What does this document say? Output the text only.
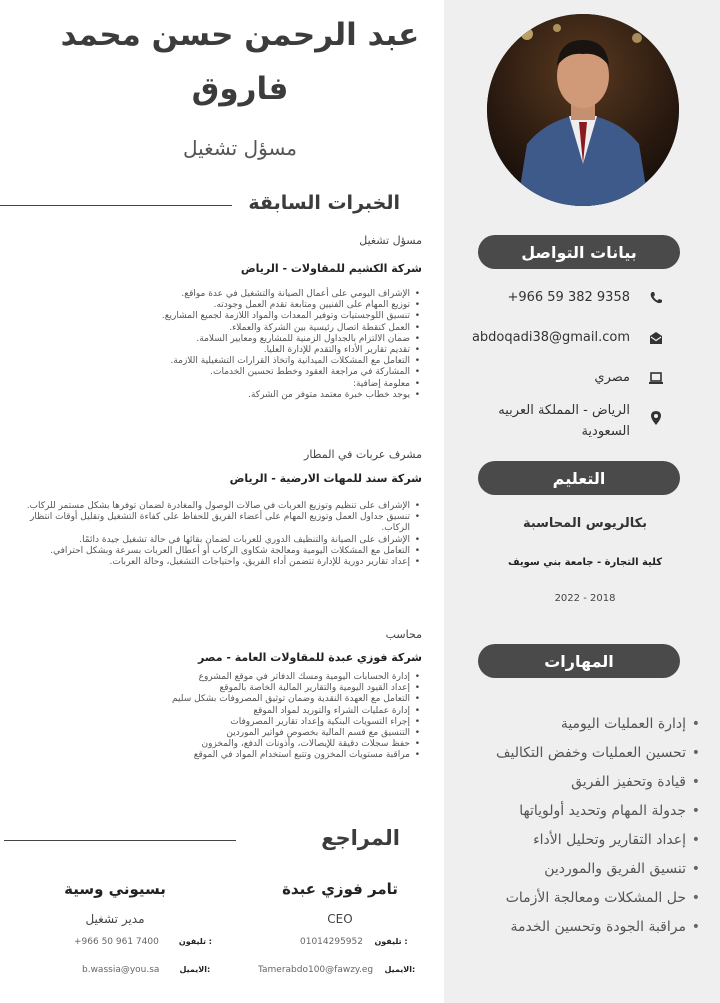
بيانات التواصل
+966 59 382 9358
abdoqadi38@gmail.com
مصري
الرياض - المملكة العربيه السعودية
التعليم
بكالريوس المحاسبة
كلية التجارة - جامعة بني سويف
2018 - 2022
المهارات
• إدارة العمليات اليومية
• تحسين العمليات وخفض التكاليف
• قيادة وتحفيز الفريق
• جدولة المهام وتحديد أولوياتها
• إعداد التقارير وتحليل الأداء
• تنسيق الفريق والموردين
• حل المشكلات ومعالجة الأزمات
• مراقبة الجودة وتحسين الخدمة
عبد الرحمن حسن محمد فاروق
مسؤل تشغيل
الخبرات السابقة
مسؤل تشغيل
شركة الكشيم للمقاولات - الرياض
• الإشراف اليومي على أعمال الصيانة والتشغيل في عدة مواقع.
• توزيع المهام على الفنيين ومتابعة تقدم العمل وجودته.
• تنسيق اللوجستيات وتوفير المعدات والمواد اللازمة لجميع المشاريع.
• العمل كنقطة اتصال رئيسية بين الشركة والعملاء.
• ضمان الالتزام بالجداول الزمنية للمشاريع ومعايير السلامة.
• تقديم تقارير الأداء والتقدم للإدارة العليا.
• التعامل مع المشكلات الميدانية واتخاذ القرارات التشغيلية اللازمة.
• المشاركة في مراجعة العقود وخطط تحسين الخدمات.
• معلومة إضافية:
• يوجد خطاب خبرة معتمد متوفر من الشركة.
مشرف عربات في المطار
شركة سند للمهات الارضية - الرياض
• الإشراف على تنظيم وتوزيع العربات في صالات الوصول والمغادرة لضمان توفرها بشكل مستمر للركاب.
• تنسيق جداول العمل وتوزيع المهام على أعضاء الفريق للحفاظ على كفاءة التشغيل وتقليل أوقات انتظار الركاب.
• الإشراف على الصيانة والتنظيف الدوري للعربات لضمان بقائها في حالة تشغيل جيدة دائمًا.
• التعامل مع المشكلات اليومية ومعالجة شكاوى الركاب أو أعطال العربات بسرعة وبشكل احترافي.
• إعداد تقارير دورية للإدارة تتضمن أداء الفريق، واحتياجات التشغيل، وحالة العربات.
محاسب
شركة فوزي عبدة للمقاولات العامة - مصر
• إدارة الحسابات اليومية ومسك الدفاتر في موقع المشروع
• إعداد القيود اليومية والتقارير المالية الخاصة بالموقع
• التعامل مع العهدة النقدية وضمان توثيق المصروفات بشكل سليم
• إدارة عمليات الشراء والتوريد لمواد الموقع
• إجراء التسويات البنكية وإعداد تقارير المصروفات
• التنسيق مع قسم المالية بخصوص فواتير الموردين
• حفظ سجلات دقيقة للإيصالات، وأذونات الدفع، والمخزون
• مراقبة مستويات المخزون وتتبع استخدام المواد في الموقع
المراجع
تامر فوزي عبدة
CEO
01014295952 تليفون :
Tamerabdo100@fawzy.eg الايميل:
بسيوني وسية
مدير تشغيل
+966 50 961 7400	تليفون :
b.wassia@you.sa	الايميل:
